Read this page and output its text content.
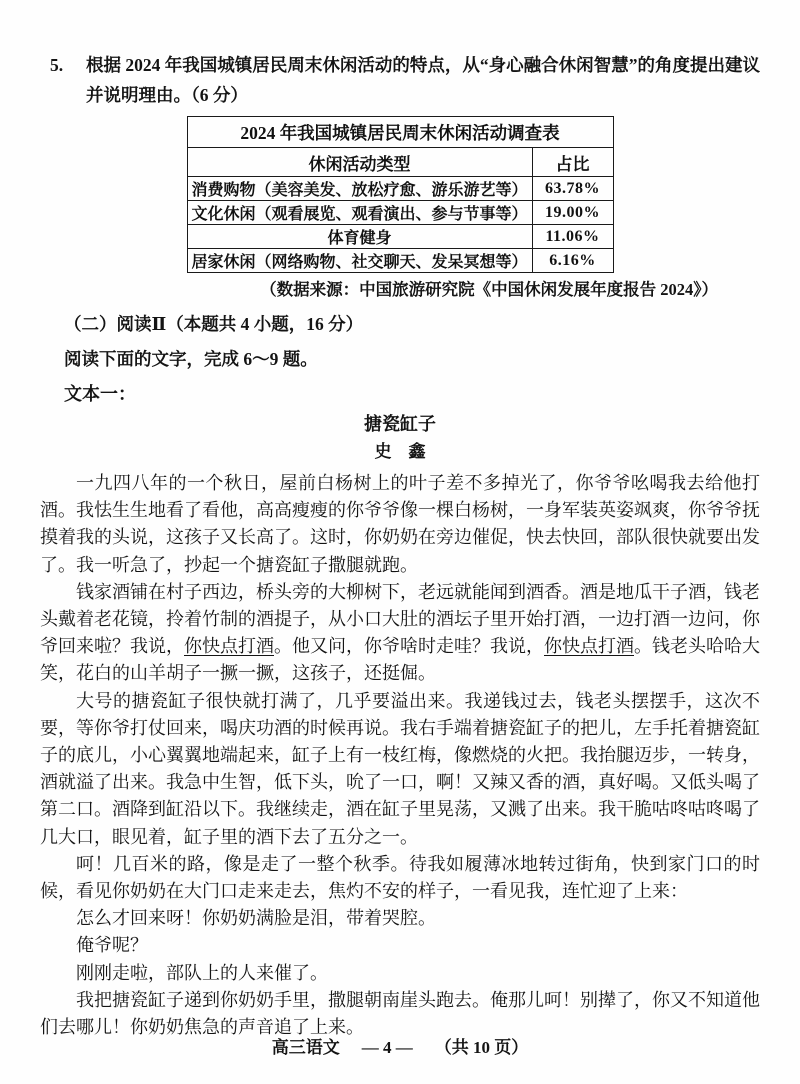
5.	根据 2024 年我国城镇居民周末休闲活动的特点，从“身心融合休闲智慧”的角度提出建议并说明理由。（6 分）
2024 年我国城镇居民周末休闲活动调查表	
休闲活动类型	占比
消费购物（美容美发、放松疗愈、游乐游艺等）	63.78%
文化休闲（观看展览、观看演出、参与节事等）	19.00%
体育健身	11.06%
居家休闲（网络购物、社交聊天、发呆冥想等）	6.16%
（数据来源：中国旅游研究院《中国休闲发展年度报告 2024》）
（二）阅读Ⅱ（本题共 4 小题，16 分）
阅读下面的文字，完成 6～9 题。
文本一：
搪瓷缸子
史　鑫

一九四八年的一个秋日，屋前白杨树上的叶子差不多掉光了，你爷爷吆喝我去给他打酒。我怯生生地看了看他，高高瘦瘦的你爷爷像一棵白杨树，一身军装英姿飒爽，你爷爷抚摸着我的头说，这孩子又长高了。这时，你奶奶在旁边催促，快去快回，部队很快就要出发了。我一听急了，抄起一个搪瓷缸子撒腿就跑。

钱家酒铺在村子西边，桥头旁的大柳树下，老远就能闻到酒香。酒是地瓜干子酒，钱老头戴着老花镜，拎着竹制的酒提子，从小口大肚的酒坛子里开始打酒，一边打酒一边问，你爷回来啦？我说，你快点打酒。他又问，你爷啥时走哇？我说，你快点打酒。钱老头哈哈大笑，花白的山羊胡子一撅一撅，这孩子，还挺倔。

大号的搪瓷缸子很快就打满了，几乎要溢出来。我递钱过去，钱老头摆摆手，这次不要，等你爷打仗回来，喝庆功酒的时候再说。我右手端着搪瓷缸子的把儿，左手托着搪瓷缸子的底儿，小心翼翼地端起来，缸子上有一枝红梅，像燃烧的火把。我抬腿迈步，一转身，酒就溢了出来。我急中生智，低下头，吮了一口，啊！又辣又香的酒，真好喝。又低头喝了第二口。酒降到缸沿以下。我继续走，酒在缸子里晃荡，又溅了出来。我干脆咕咚咕咚喝了几大口，眼见着，缸子里的酒下去了五分之一。

呵！几百米的路，像是走了一整个秋季。待我如履薄冰地转过街角，快到家门口的时候，看见你奶奶在大门口走来走去，焦灼不安的样子，一看见我，连忙迎了上来：

怎么才回来呀！你奶奶满脸是泪，带着哭腔。

俺爷呢？

刚刚走啦，部队上的人来催了。

我把搪瓷缸子递到你奶奶手里，撒腿朝南崖头跑去。俺那儿呵！别撵了，你又不知道他们去哪儿！你奶奶焦急的声音追了上来。

高三语文 — 4 — （共 10 页）
